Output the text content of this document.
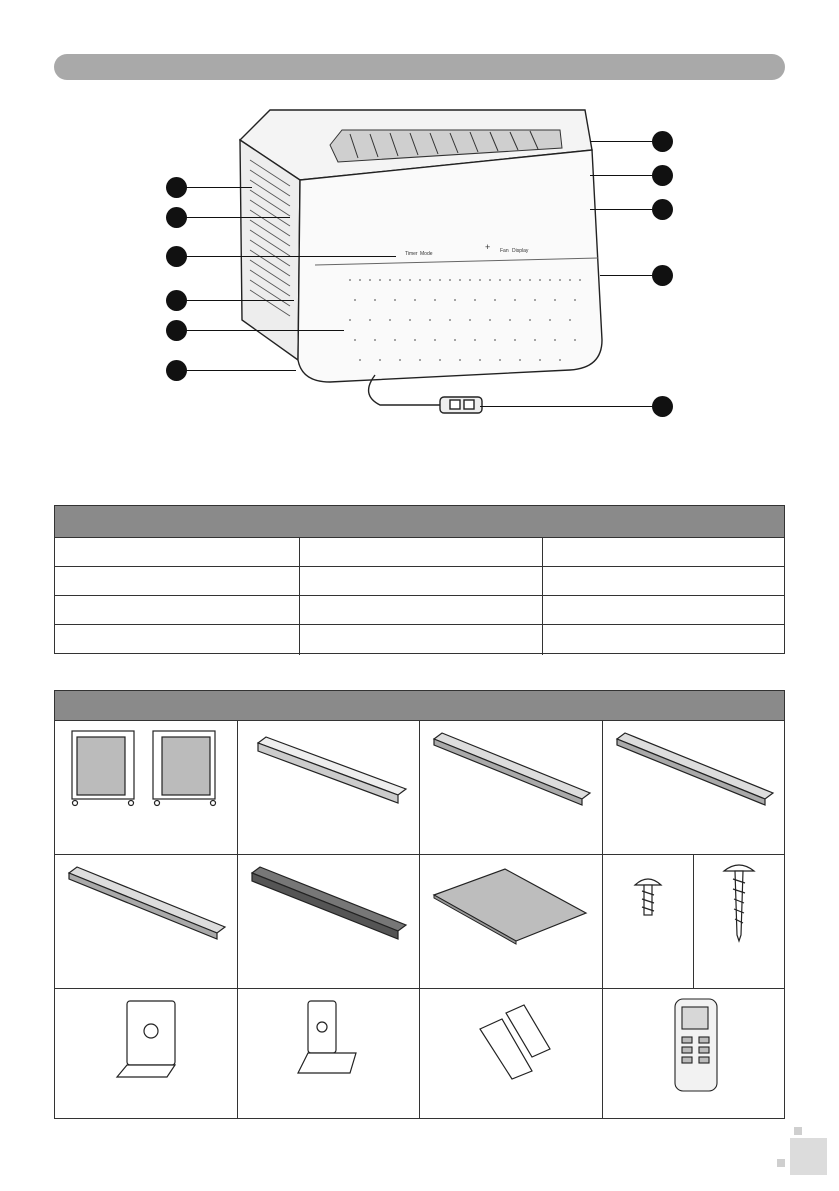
Timer Mode	Fan Display
+
